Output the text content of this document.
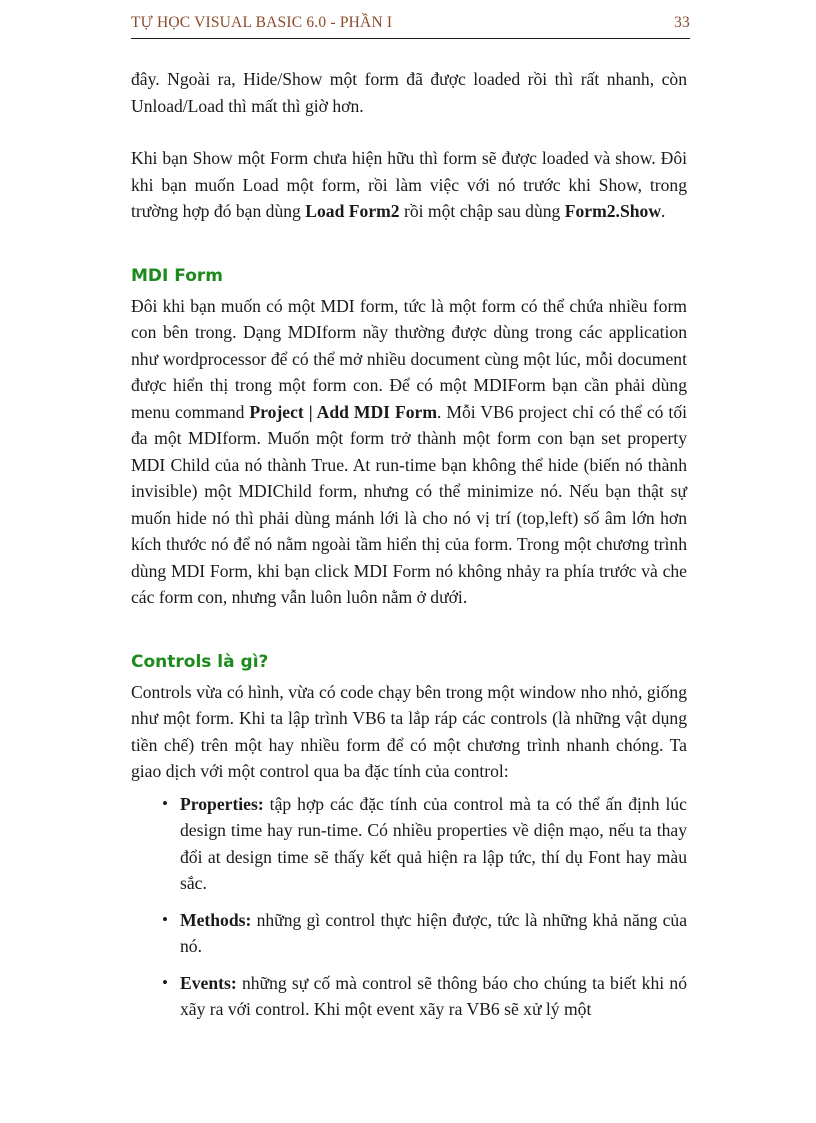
TỰ HỌC VISUAL BASIC 6.0 - PHẦN I	33

đây. Ngoài ra, Hide/Show một form đã được loaded rồi thì rất nhanh, còn Unload/Load thì mất thì giờ hơn.

Khi bạn Show một Form chưa hiện hữu thì form sẽ được loaded và show. Đôi khi bạn muốn Load một form, rồi làm việc với nó trước khi Show, trong trường hợp đó bạn dùng Load Form2 rồi một chập sau dùng Form2.Show.

MDI Form

Đôi khi bạn muốn có một MDI form, tức là một form có thể chứa nhiều form con bên trong. Dạng MDIform nầy thường được dùng trong các application như wordprocessor để có thể mở nhiều document cùng một lúc, mỗi document được hiển thị trong một form con. Để có một MDIForm bạn cần phải dùng menu command Project | Add MDI Form. Mỗi VB6 project chỉ có thể có tối đa một MDIform. Muốn một form trở thành một form con bạn set property MDI Child của nó thành True. At run-time bạn không thể hide (biến nó thành invisible) một MDIChild form, nhưng có thể minimize nó. Nếu bạn thật sự muốn hide nó thì phải dùng mánh lới là cho nó vị trí (top,left) số âm lớn hơn kích thước nó để nó nằm ngoài tầm hiển thị của form. Trong một chương trình dùng MDI Form, khi bạn click MDI Form nó không nhảy ra phía trước và che các form con, nhưng vẫn luôn luôn nằm ở dưới.

Controls là gì?

Controls vừa có hình, vừa có code chạy bên trong một window nho nhỏ, giống như một form. Khi ta lập trình VB6 ta lắp ráp các controls (là những vật dụng tiền chế) trên một hay nhiều form để có một chương trình nhanh chóng. Ta giao dịch với một control qua ba đặc tính của control:

• Properties: tập hợp các đặc tính của control mà ta có thể ấn định lúc design time hay run-time. Có nhiều properties về diện mạo, nếu ta thay đổi at design time sẽ thấy kết quả hiện ra lập tức, thí dụ Font hay màu sắc.
• Methods: những gì control thực hiện được, tức là những khả năng của nó.
• Events: những sự cố mà control sẽ thông báo cho chúng ta biết khi nó xãy ra với control. Khi một event xãy ra VB6 sẽ xử lý một
